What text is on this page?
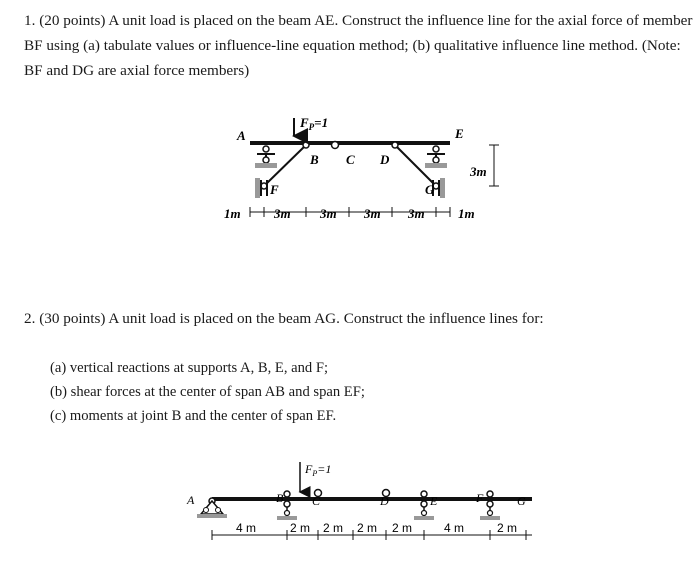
1. (20 points) A unit load is placed on the beam AE. Construct the influence line for the axial force of member BF using (a) tabulate values or influence-line equation method; (b) qualitative influence line method. (Note: BF and DG are axial force members)

$F_P=1$
A
B C D
E
F	G
3m
1m	3m 3m 3m 3m	1m

2. (30 points) A unit load is placed on the beam AG. Construct the influence lines for:

(a) vertical reactions at supports A, B, E, and F;
(b) shear forces at the center of span AB and span EF;
(c) moments at joint B and the center of span EF.
$F_P=1$
A	B C	D	E	F	G
4 m	2 m 2 m 2 m 2 m	4 m	2 m
